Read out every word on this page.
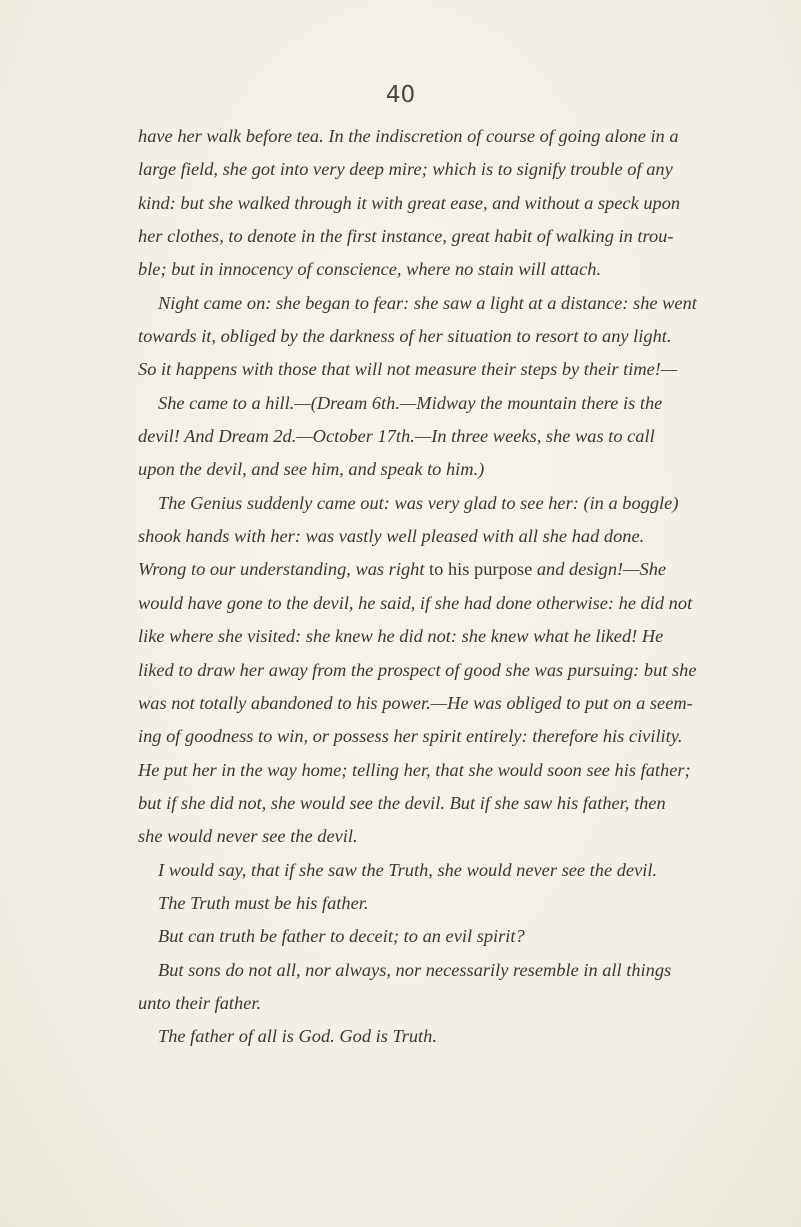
40
have her walk before tea. In the indiscretion of course of going alone in a
large field, she got into very deep mire; which is to signify trouble of any
kind: but she walked through it with great ease, and without a speck upon
her clothes, to denote in the first instance, great habit of walking in trou-
ble; but in innocency of conscience, where no stain will attach.
Night came on: she began to fear: she saw a light at a distance: she went
towards it, obliged by the darkness of her situation to resort to any light.
So it happens with those that will not measure their steps by their time!—
She came to a hill.—(Dream 6th.—Midway the mountain there is the
devil! And Dream 2d.—October 17th.—In three weeks, she was to call
upon the devil, and see him, and speak to him.)
The Genius suddenly came out: was very glad to see her: (in a boggle)
shook hands with her: was vastly well pleased with all she had done.
Wrong to our understanding, was right to his purpose and design!—She
would have gone to the devil, he said, if she had done otherwise: he did not
like where she visited: she knew he did not: she knew what he liked! He
liked to draw her away from the prospect of good she was pursuing: but she
was not totally abandoned to his power.—He was obliged to put on a seem-
ing of goodness to win, or possess her spirit entirely: therefore his civility.
He put her in the way home; telling her, that she would soon see his father;
but if she did not, she would see the devil. But if she saw his father, then
she would never see the devil.
I would say, that if she saw the Truth, she would never see the devil.
The Truth must be his father.
But can truth be father to deceit; to an evil spirit?
But sons do not all, nor always, nor necessarily resemble in all things
unto their father.
The father of all is God. God is Truth.
